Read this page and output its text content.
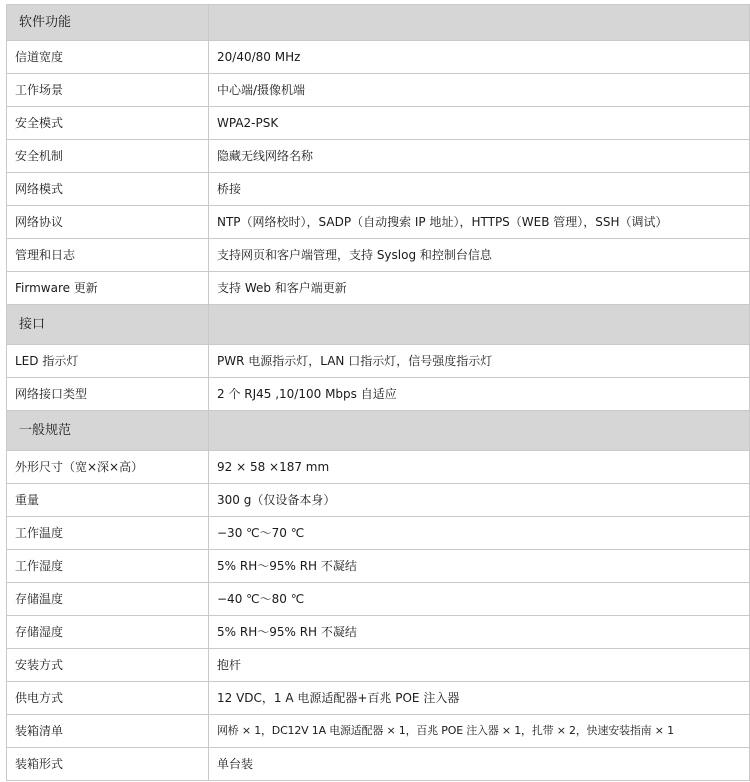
软件功能	
信道宽度	20/40/80 MHz
工作场景	中心端/摄像机端
安全模式	WPA2-PSK
安全机制	隐藏无线网络名称
网络模式	桥接
网络协议	NTP（网络校时），SADP（自动搜索 IP 地址），HTTPS（WEB 管理），SSH（调试）
管理和日志	支持网页和客户端管理，支持 Syslog 和控制台信息
Firmware 更新	支持 Web 和客户端更新
接口	
LED 指示灯	PWR 电源指示灯，LAN 口指示灯，信号强度指示灯
网络接口类型	2 个 RJ45 ,10/100 Mbps 自适应
一般规范	
外形尺寸（宽×深×高）	92 × 58 ×187 mm
重量	300 g（仅设备本身）
工作温度	−30 ℃～70 ℃
工作湿度	5% RH～95% RH 不凝结
存储温度	−40 ℃～80 ℃
存储湿度	5% RH～95% RH 不凝结
安装方式	抱杆
供电方式	12 VDC，1 A 电源适配器+百兆 POE 注入器
装箱清单	网桥 × 1，DC12V 1A 电源适配器 × 1，百兆 POE 注入器 × 1，扎带 × 2，快速安装指南 × 1
装箱形式	单台装
